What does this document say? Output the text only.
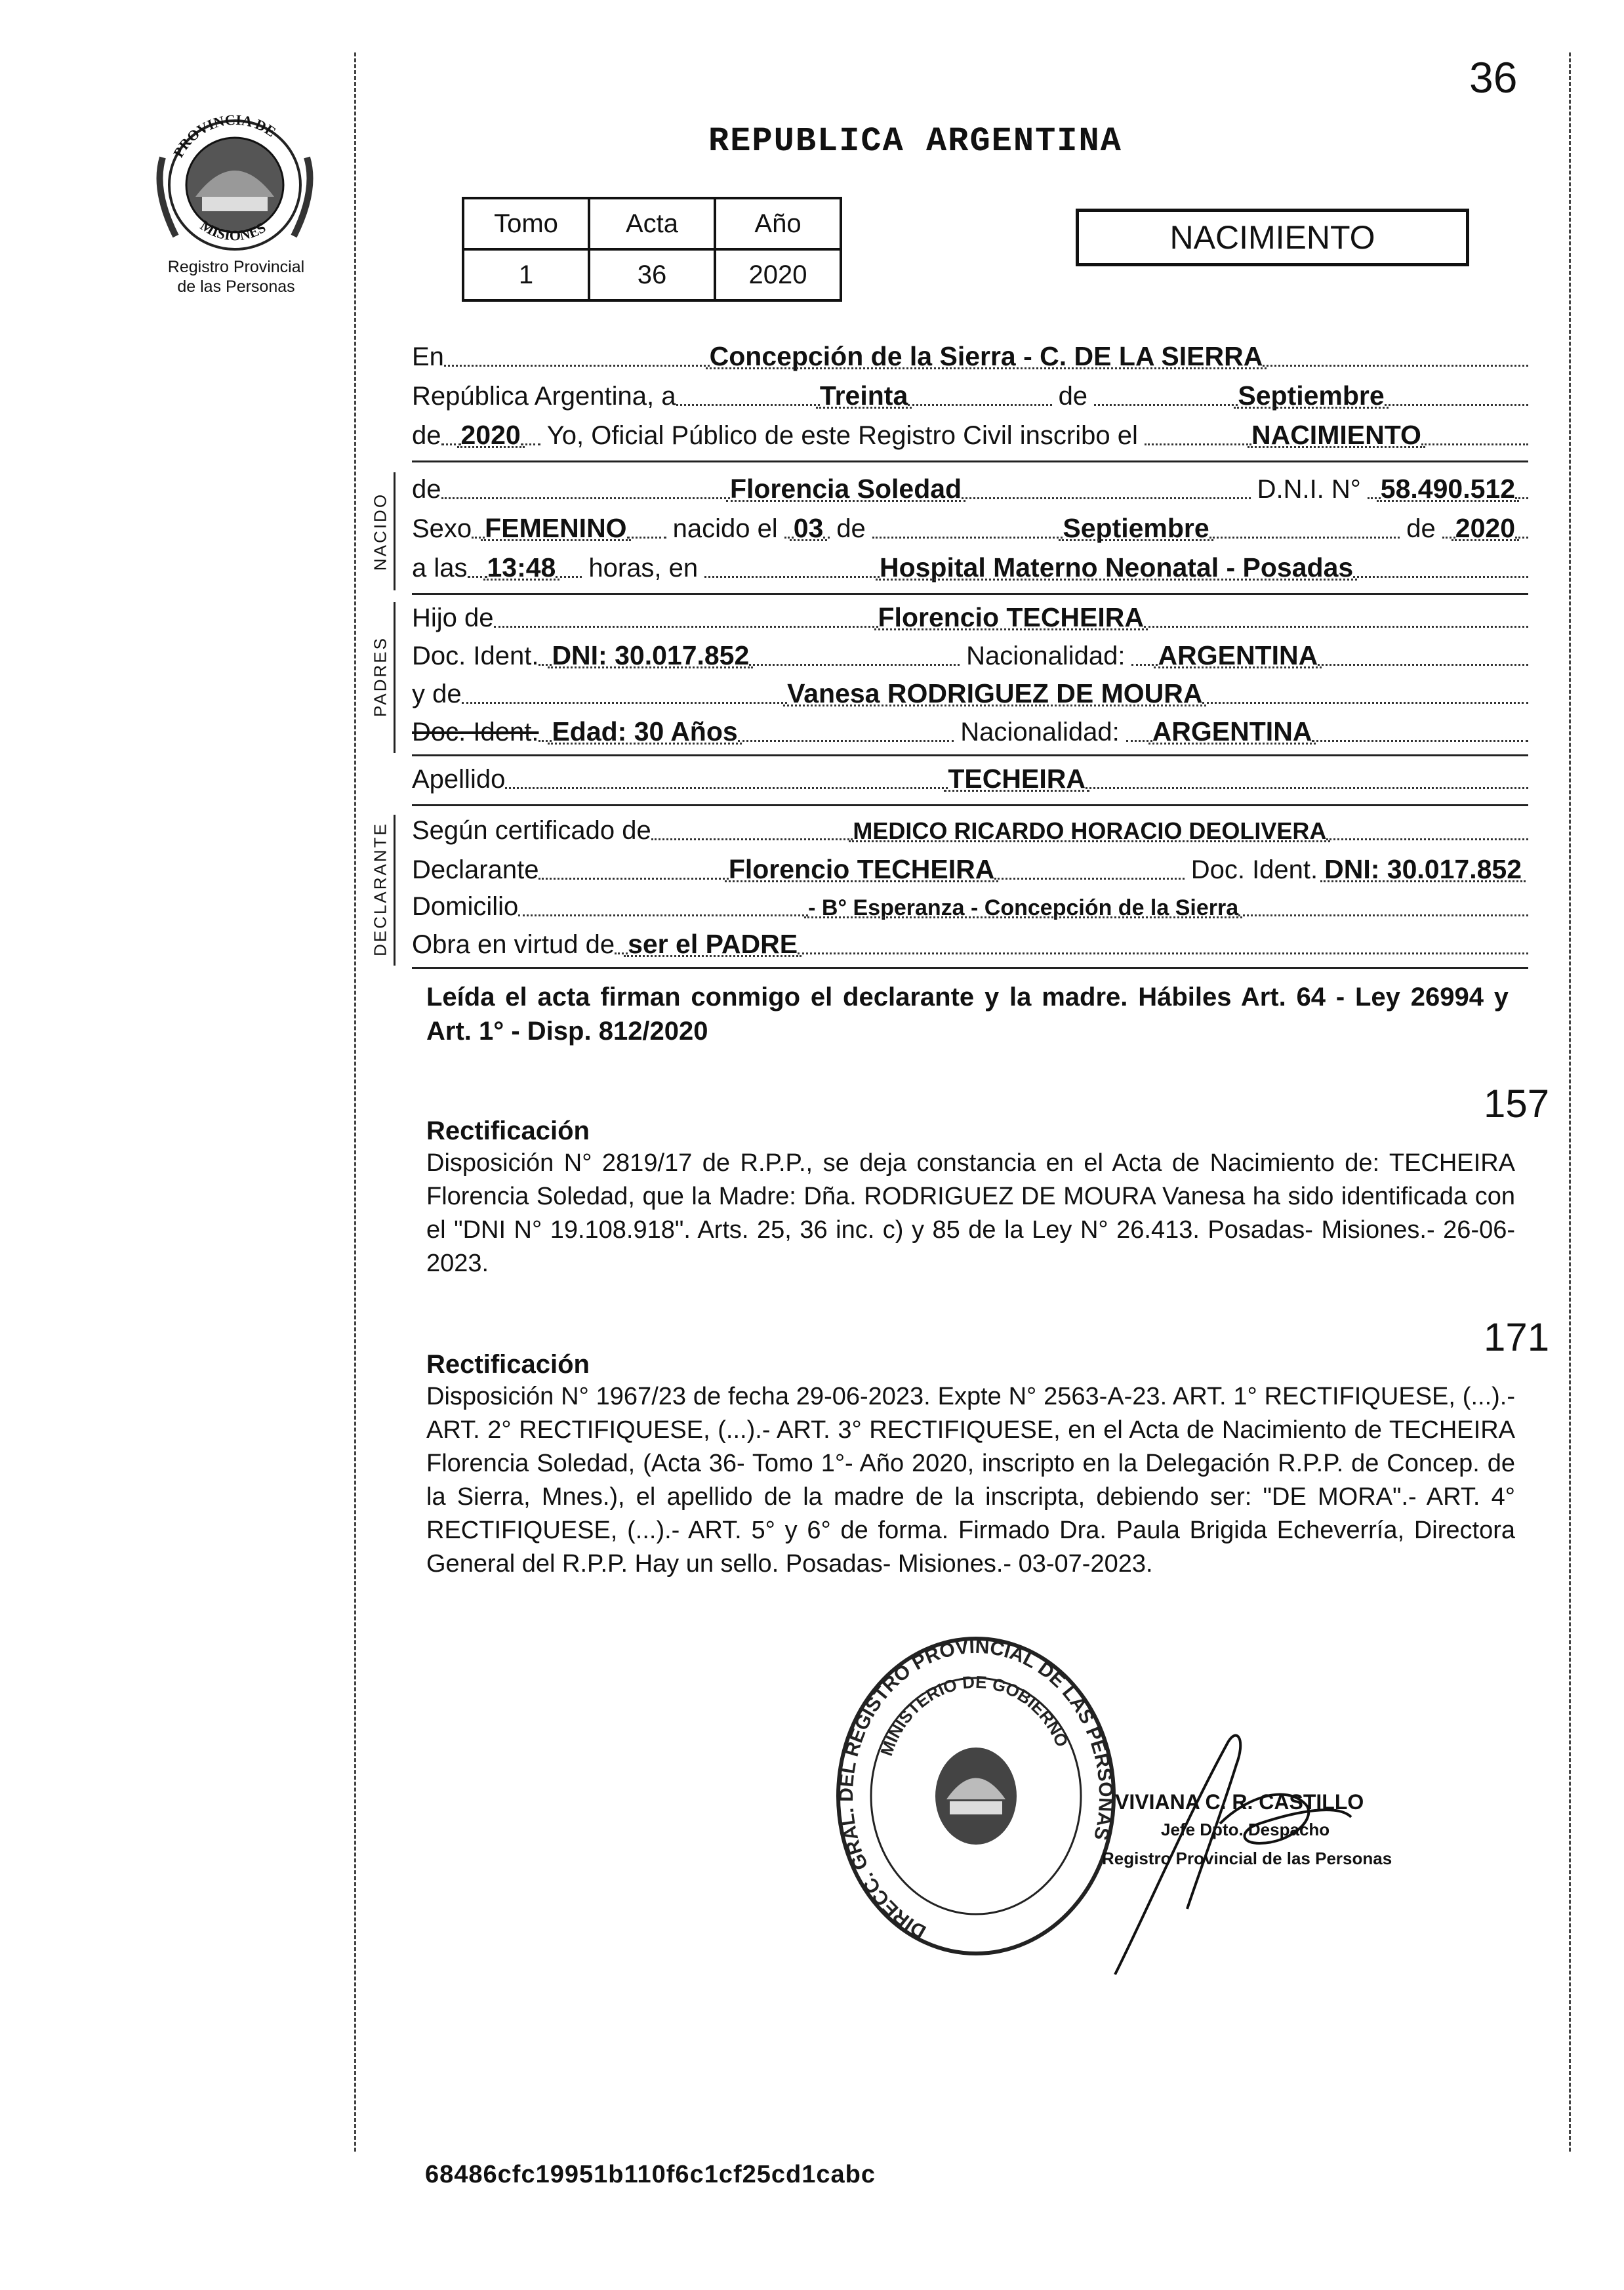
36
PROVINCIA DE
MISIONES
Registro Provincial
de las Personas
REPUBLICA ARGENTINA
Tomo	Acta	Año
1	36	2020
NACIMIENTO
En	Concepción de la Sierra - C. DE LA SIERRA
República Argentina, a	Treinta	de	Septiembre
de 2020 Yo, Oficial Público de este Registro Civil inscribo el	NACIMIENTO
NACIDO
de	Florencia Soledad	D.N.I. N° 58.490.512
Sexo FEMENINO nacido el 03 de	Septiembre	de 2020
a las 13:48 horas, en	Hospital Materno Neonatal - Posadas
PADRES
Hijo de	Florencio TECHEIRA
Doc. Ident. DNI: 30.017.852	Nacionalidad: ARGENTINA
y de	Vanesa RODRIGUEZ DE MOURA
Doc. Ident. Edad: 30 Años	Nacionalidad: ARGENTINA
Apellido	TECHEIRA
DECLARANTE Según certificado de	MEDICO RICARDO HORACIO DEOLIVERA
Declarante	Florencio TECHEIRA	Doc. Ident. DNI: 30.017.852
Domicilio	- B° Esperanza - Concepción de la Sierra
Obra en virtud de ser el PADRE
Leída el acta firman conmigo el declarante y la madre. Hábiles Art. 64 - Ley 26994 y Art. 1° - Disp. 812/2020
157
Rectificación
Disposición N° 2819/17 de R.P.P., se deja constancia en el Acta de Nacimiento de: TECHEIRA Florencia Soledad, que la Madre: Dña. RODRIGUEZ DE MOURA Vanesa ha sido identificada con el "DNI N° 19.108.918". Arts. 25, 36 inc. c) y 85 de la Ley N° 26.413. Posadas- Misiones.- 26-06-2023.
171
Rectificación
Disposición N° 1967/23 de fecha 29-06-2023. Expte N° 2563-A-23. ART. 1° RECTIFIQUESE, (...).- ART. 2° RECTIFIQUESE, (...).- ART. 3° RECTIFIQUESE, en el Acta de Nacimiento de TECHEIRA Florencia Soledad, (Acta 36- Tomo 1°- Año 2020, inscripto en la Delegación R.P.P. de Concep. de la Sierra, Mnes.), el apellido de la madre de la inscripta, debiendo ser: "DE MORA".- ART. 4° RECTIFIQUESE, (...).- ART. 5° y 6° de forma. Firmado Dra. Paula Brigida Echeverría, Directora General del R.P.P. Hay un sello. Posadas- Misiones.- 03-07-2023.
DIRECC. GRAL. DEL REGISTRO PROVINCIAL DE LAS PERSONAS
MINISTERIO DE GOBIERNO
VIVIANA C. R. CASTILLO
Jefe Dpto. Despacho
Registro Provincial de las Personas
68486cfc19951b110f6c1cf25cd1cabc
